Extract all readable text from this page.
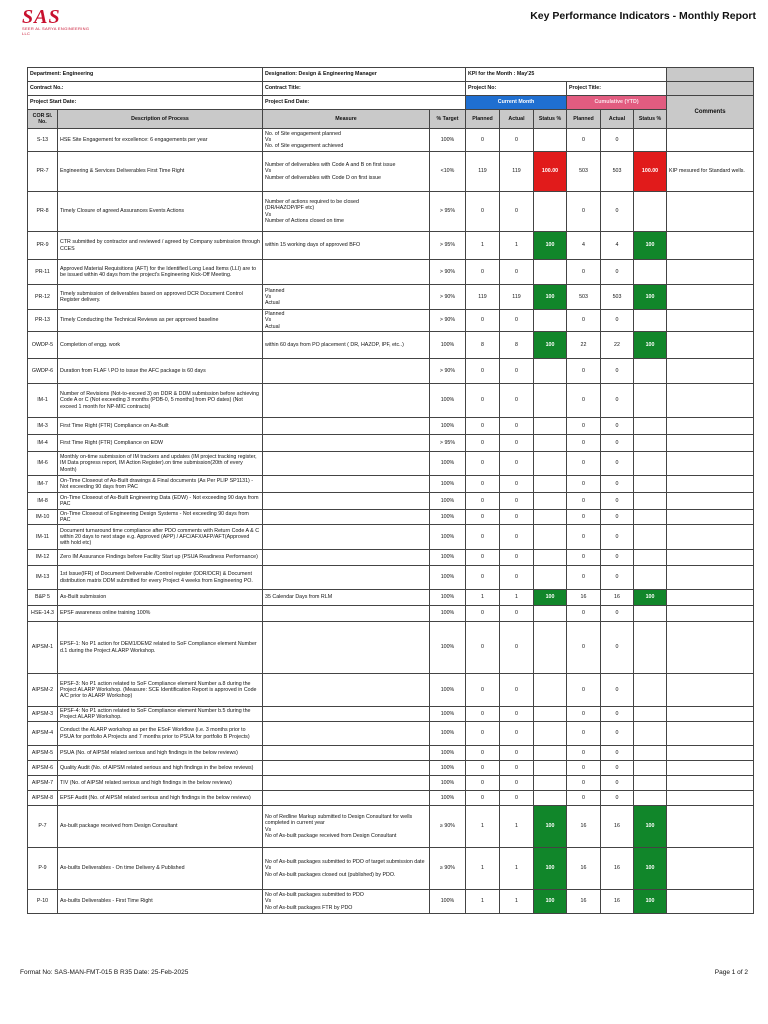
SAS
SEER AL SARYA ENGINEERING LLC
Key Performance Indicators - Monthly Report
Department: Engineering		Designation: Design & Engineering Manager		KPI for the Month : May'25						
Contract No.:		Contract Title:		Project No:			Project Title:			
Project Start Date:		Project End Date:		Current Month			Cumulative (YTD)			Comments
COR Sl. No.	Description of Process	Measure	% Target	Planned	Actual	Status %	Planned	Actual	Status %	
S-13	HSE Site Engagement for excellence: 6 engagements per year	No. of Site engagement planned
Vs
No. of Site engagement achieved	100%	0	0		0	0		
PR-7	Engineering & Services Deliverables First Time Right	Number of deliverables with Code A and B on first issue
Vs
Number of deliverables with Code D on first issue	<10%	119	119	100.00	503	503	100.00	KIP mesured for Standard wells.
PR-8	Timely Closure of agreed Assurances Events Actions	Number of actions required to be closed
(DR/HAZOP/IPF etc)
Vs
Number of Actions closed on time	> 95%	0	0		0	0		
PR-9	CTR submitted by contractor and reviewed / agreed by Company submission through CCES	within 15 working days of approved BFO	> 95%	1	1	100	4	4	100	
PR-11	Approved Material Requisitions (AFT) for the Identified Long Lead Items (LLI) are to be issued within 40 days from the project's Engineering Kick-Off Meeting.		> 90%	0	0		0	0		
PR-12	Timely submission of deliverables based on approved DCR Document Control Register delivery.	Planned
Vs
Actual	> 90%	119	119	100	503	503	100	
PR-13	Timely Conducting the Technical Reviews as per approved baseline	Planned
Vs
Actual	> 90%	0	0		0	0		
OWDP-5	Completion of engg. work	within 60 days from PO placement ( DR, HAZOP, IPF, etc..)	100%	8	8	100	22	22	100	
GWDP-6	Duration from FLAF \ PO to issue the AFC package is 60 days		> 90%	0	0		0	0		
IM-1	Number of Revisions (Not-to-exceed 3) on DDR & DDM submission before achieving Code A or C (Not exceeding 3 months (PDB-0, 5 months] from PO dates) (Not exceed 1 month for NP-MIC contracts)		100%	0	0		0	0		
IM-3	First Time Right (FTR) Compliance on As-Built		100%	0	0		0	0		
IM-4	First Time Right (FTR) Compliance on EDW		> 95%	0	0		0	0		
IM-6	Monthly on-time submission of IM trackers and updates (IM project tracking register, IM Data progress report, IM Action Register).on time submission(20th of every Month)		100%	0	0		0	0		
IM-7	On-Time Closeout of As-Built drawings & Final documents (As Per PLIP SP1131) - Not exceeding 90 days from PAC		100%	0	0		0	0		
IM-8	On-Time Closeout of As-Built Engineering Data (EDW) - Not exceeding 90 days from PAC		100%	0	0		0	0		
IM-10	On-Time Closeout of Engineering Design Systems - Not exceeding 90 days from PAC		100%	0	0		0	0		
IM-11	Document turnaround time compliance after PDO comments with Return Code A & C within 20 days to next stage e.g. Approved (APP) / AFC/AFX/AFP/AFT(Approved with hold etc)		100%	0	0		0	0		
IM-12	Zero IM Assurance Findings before Facility Start up (PSUA Readiness Performance)		100%	0	0		0	0		
IM-13	1st Issue(IFR) of Document Deliverable /Control register (DDR/DCR) & Document distribution matrix DDM submitted for every Project 4 weeks from Engineering PO.		100%	0	0		0	0		
B&P 5	As-Built submission	35 Calendar Days from RLM	100%	1	1	100	16	16	100	
HSE-14.3	EPSF awareness online training 100%		100%	0	0		0	0		
AIPSM-1	EPSF-1: No P1 action for DEM1/DEM2 related to SoF Compliance element Number d.1 during the Project ALARP Workshop.		100%	0	0		0	0		
AIPSM-2	EPSF-3: No P1 action related to SoF Compliance element Number a.8 during the Project ALARP Workshop. (Measure: SCE Identification Report is approved in Code A/C prior to ALARP Workshop)		100%	0	0		0	0		
AIPSM-3	EPSF-4: No P1 action related to SoF Compliance element Number b.5 during the Project ALARP Workshop.		100%	0	0		0	0		
AIPSM-4	Conduct the ALARP workshop as per the ESoF Workflow (i.e. 3 months prior to PSUA for portfolio A Projects and 7 months prior to PSUA for portfolio B Projects)		100%	0	0		0	0		
AIPSM-5	PSUA (No. of AIPSM related serious and high findings in the below reviews)		100%	0	0		0	0		
AIPSM-6	Quality Audit (No. of AIPSM related serious and high findings in the below reviews)		100%	0	0		0	0		
AIPSM-7	TIV (No. of AIPSM related serious and high findings in the below reviews)		100%	0	0		0	0		
AIPSM-8	EPSF Audit (No. of AIPSM related serious and high findings in the below reviews)		100%	0	0		0	0		
P-7	As-built package received from Design Consultant	No of Redline Markup submitted to Design Consultant for wells completed in current year
Vs
No of As-built package received from Design Consultant	≥ 90%	1	1	100	16	16	100	
P-9	As-builts Deliverables - On time Delivery & Published	No of As-built packages submitted to PDO of target submission date
Vs
No of As-built packages closed out (published) by PDO.	≥ 90%	1	1	100	16	16	100	
P-10	As-builts Deliverables - First Time Right	No of As-built packages submitted to PDO
Vs
No of As-built packages FTR by PDO	100%	1	1	100	16	16	100	
Format No: SAS-MAN-FMT-015 B R35 Date: 25-Feb-2025	Page 1 of 2
